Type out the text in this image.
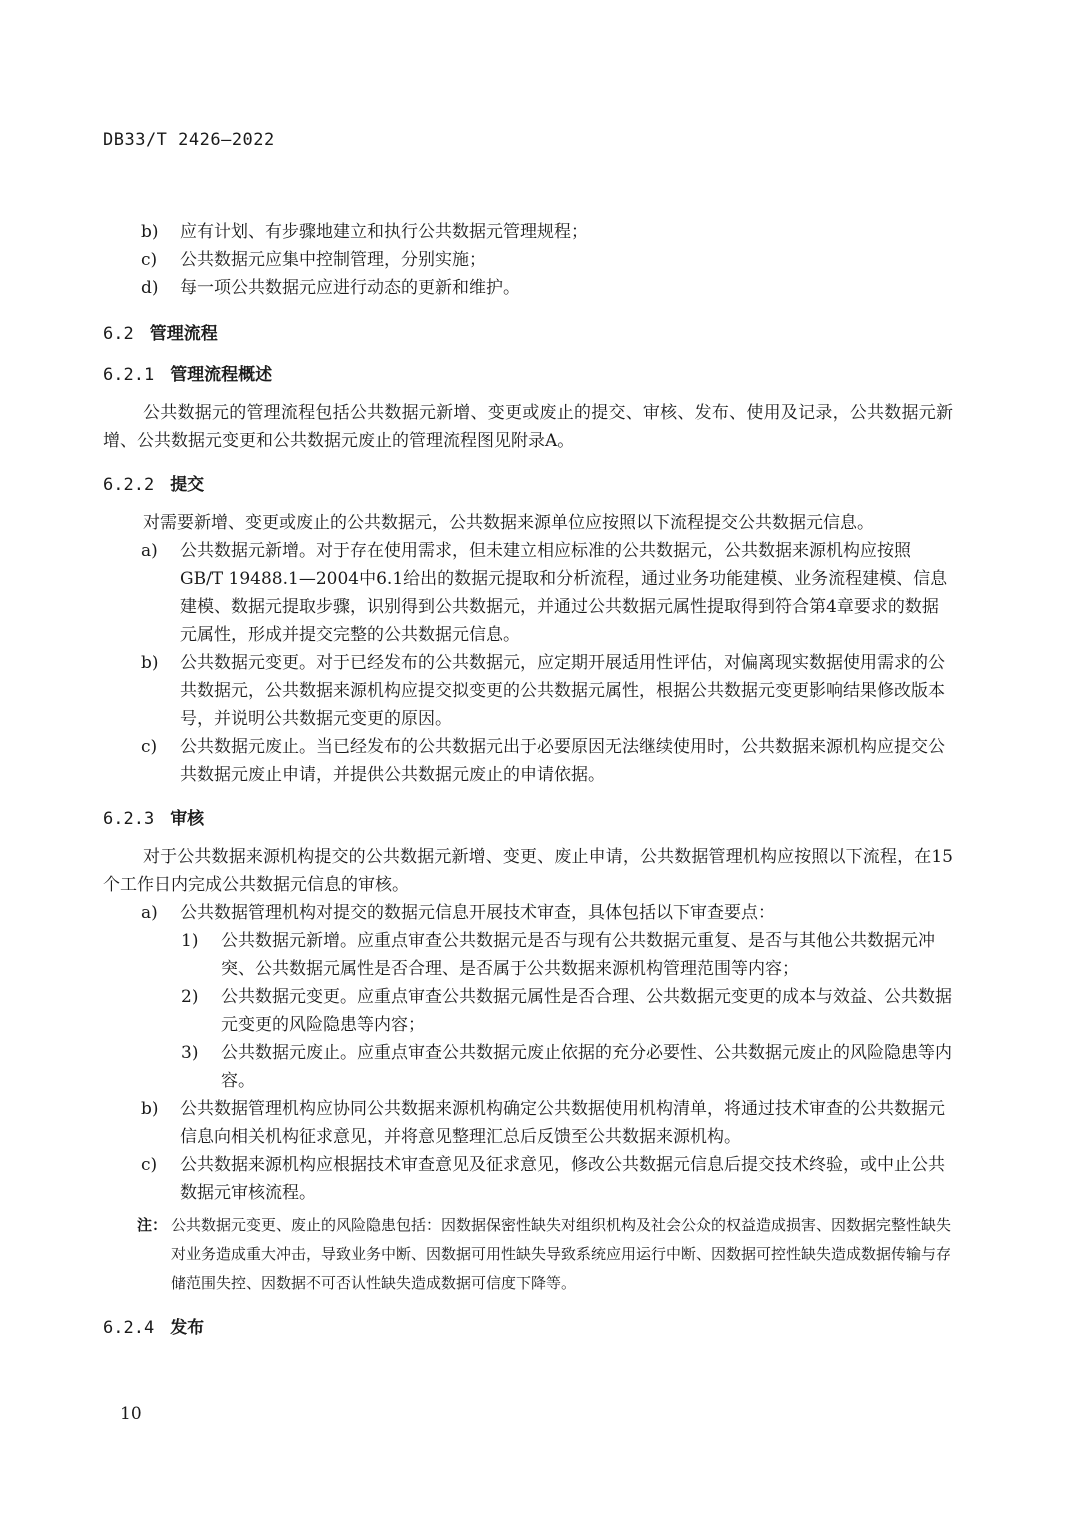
DB33/T 2426—2022
b) 应有计划、有步骤地建立和执行公共数据元管理规程；
c) 公共数据元应集中控制管理，分别实施；
d) 每一项公共数据元应进行动态的更新和维护。
6.2 管理流程
6.2.1 管理流程概述
公共数据元的管理流程包括公共数据元新增、变更或废止的提交、审核、发布、使用及记录，公共数据元新增、公共数据元变更和公共数据元废止的管理流程图见附录A。
6.2.2 提交
对需要新增、变更或废止的公共数据元，公共数据来源单位应按照以下流程提交公共数据元信息。
a) 公共数据元新增。对于存在使用需求，但未建立相应标准的公共数据元，公共数据来源机构应按照GB/T 19488.1—2004中6.1给出的数据元提取和分析流程，通过业务功能建模、业务流程建模、信息建模、数据元提取步骤，识别得到公共数据元，并通过公共数据元属性提取得到符合第4章要求的数据元属性，形成并提交完整的公共数据元信息。
b) 公共数据元变更。对于已经发布的公共数据元，应定期开展适用性评估，对偏离现实数据使用需求的公共数据元，公共数据来源机构应提交拟变更的公共数据元属性，根据公共数据元变更影响结果修改版本号，并说明公共数据元变更的原因。
c) 公共数据元废止。当已经发布的公共数据元出于必要原因无法继续使用时，公共数据来源机构应提交公共数据元废止申请，并提供公共数据元废止的申请依据。
6.2.3 审核
对于公共数据来源机构提交的公共数据元新增、变更、废止申请，公共数据管理机构应按照以下流程，在15个工作日内完成公共数据元信息的审核。
a) 公共数据管理机构对提交的数据元信息开展技术审查，具体包括以下审查要点：
1) 公共数据元新增。应重点审查公共数据元是否与现有公共数据元重复、是否与其他公共数据元冲突、公共数据元属性是否合理、是否属于公共数据来源机构管理范围等内容；
2) 公共数据元变更。应重点审查公共数据元属性是否合理、公共数据元变更的成本与效益、公共数据元变更的风险隐患等内容；
3) 公共数据元废止。应重点审查公共数据元废止依据的充分必要性、公共数据元废止的风险隐患等内容。
b) 公共数据管理机构应协同公共数据来源机构确定公共数据使用机构清单，将通过技术审查的公共数据元信息向相关机构征求意见，并将意见整理汇总后反馈至公共数据来源机构。
c) 公共数据来源机构应根据技术审查意见及征求意见，修改公共数据元信息后提交技术终验，或中止公共数据元审核流程。
注： 公共数据元变更、废止的风险隐患包括：因数据保密性缺失对组织机构及社会公众的权益造成损害、因数据完整性缺失对业务造成重大冲击，导致业务中断、因数据可用性缺失导致系统应用运行中断、因数据可控性缺失造成数据传输与存储范围失控、因数据不可否认性缺失造成数据可信度下降等。
6.2.4 发布
10
